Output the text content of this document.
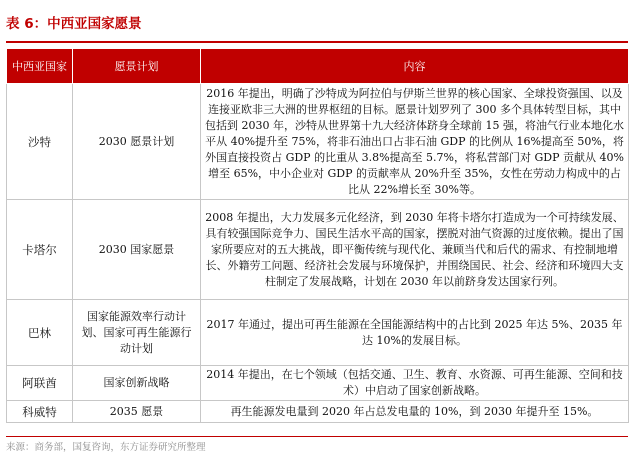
表 6：中西亚国家愿景
中西亚国家	愿景计划	内容
沙特	2030 愿景计划	2016 年提出，明确了沙特成为阿拉伯与伊斯兰世界的核心国家、全球投资强国、以及连接亚欧非三大洲的世界枢纽的目标。愿景计划罗列了 300 多个具体转型目标，其中包括到 2030 年，沙特从世界第十九大经济体跻身全球前 15 强，将油气行业本地化水平从 40%提升至 75%，将非石油出口占非石油 GDP 的比例从 16%提高至 50%，将外国直接投资占 GDP 的比重从 3.8%提高至 5.7%，将私营部门对 GDP 贡献从 40%增至 65%，中小企业对 GDP 的贡献率从 20%升至 35%，女性在劳动力构成中的占比从 22%增长至 30%等。
卡塔尔	2030 国家愿景	2008 年提出，大力发展多元化经济，到 2030 年将卡塔尔打造成为一个可持续发展、具有较强国际竞争力、国民生活水平高的国家，摆脱对油气资源的过度依赖。提出了国家所要应对的五大挑战，即平衡传统与现代化、兼顾当代和后代的需求、有控制地增长、外籍劳工问题、经济社会发展与环境保护，并围绕国民、社会、经济和环境四大支柱制定了发展战略，计划在 2030 年以前跻身发达国家行列。
巴林	国家能源效率行动计划、国家可再生能源行动计划	2017 年通过，提出可再生能源在全国能源结构中的占比到 2025 年达 5%、2035 年达 10%的发展目标。
阿联酋	国家创新战略	2014 年提出，在七个领域（包括交通、卫生、教育、水资源、可再生能源、空间和技术）中启动了国家创新战略。
科威特	2035 愿景	再生能源发电量到 2020 年占总发电量的 10%，到 2030 年提升至 15%。
来源：商务部，国复咨询，东方证券研究所整理
